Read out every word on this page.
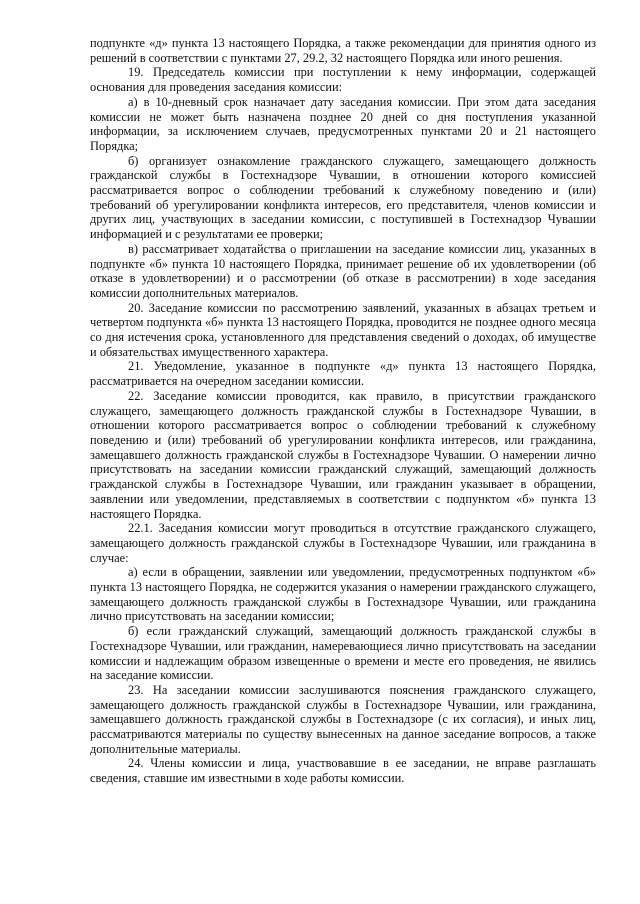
подпункте «д» пункта 13 настоящего Порядка, а также рекомендации для принятия одного из решений в соответствии с пунктами 27, 29.2, 32 настоящего Порядка или иного решения.

19. Председатель комиссии при поступлении к нему информации, содержащей основания для проведения заседания комиссии:

а) в 10-дневный срок назначает дату заседания комиссии. При этом дата заседания комиссии не может быть назначена позднее 20 дней со дня поступления указанной информации, за исключением случаев, предусмотренных пунктами 20 и 21 настоящего Порядка;

б) организует ознакомление гражданского служащего, замещающего должность гражданской службы в Гостехнадзоре Чувашии, в отношении которого комиссией рассматривается вопрос о соблюдении требований к служебному поведению и (или) требований об урегулировании конфликта интересов, его представителя, членов комиссии и других лиц, участвующих в заседании комиссии, с поступившей в Гостехнадзор Чувашии информацией и с результатами ее проверки;

в) рассматривает ходатайства о приглашении на заседание комиссии лиц, указанных в подпункте «б» пункта 10 настоящего Порядка, принимает решение об их удовлетворении (об отказе в удовлетворении) и о рассмотрении (об отказе в рассмотрении) в ходе заседания комиссии дополнительных материалов.

20. Заседание комиссии по рассмотрению заявлений, указанных в абзацах третьем и четвертом подпункта «б» пункта 13 настоящего Порядка, проводится не позднее одного месяца со дня истечения срока, установленного для представления сведений о доходах, об имуществе и обязательствах имущественного характера.

21. Уведомление, указанное в подпункте «д» пункта 13 настоящего Порядка, рассматривается на очередном заседании комиссии.

22. Заседание комиссии проводится, как правило, в присутствии гражданского служащего, замещающего должность гражданской службы в Гостехнадзоре Чувашии, в отношении которого рассматривается вопрос о соблюдении требований к служебному поведению и (или) требований об урегулировании конфликта интересов, или гражданина, замещавшего должность гражданской службы в Гостехнадзоре Чувашии. О намерении лично присутствовать на заседании комиссии гражданский служащий, замещающий должность гражданской службы в Гостехнадзоре Чувашии, или гражданин указывает в обращении, заявлении или уведомлении, представляемых в соответствии с подпунктом «б» пункта 13 настоящего Порядка.

22.1. Заседания комиссии могут проводиться в отсутствие гражданского служащего, замещающего должность гражданской службы в Гостехнадзоре Чувашии, или гражданина в случае:

а) если в обращении, заявлении или уведомлении, предусмотренных подпунктом «б» пункта 13 настоящего Порядка, не содержится указания о намерении гражданского служащего, замещающего должность гражданской службы в Гостехнадзоре Чувашии, или гражданина лично присутствовать на заседании комиссии;

б) если гражданский служащий, замещающий должность гражданской службы в Гостехнадзоре Чувашии, или гражданин, намеревающиеся лично присутствовать на заседании комиссии и надлежащим образом извещенные о времени и месте его проведения, не явились на заседание комиссии.

23. На заседании комиссии заслушиваются пояснения гражданского служащего, замещающего должность гражданской службы в Гостехнадзоре Чувашии, или гражданина, замещавшего должность гражданской службы в Гостехнадзоре (с их согласия), и иных лиц, рассматриваются материалы по существу вынесенных на данное заседание вопросов, а также дополнительные материалы.

24. Члены комиссии и лица, участвовавшие в ее заседании, не вправе разглашать сведения, ставшие им известными в ходе работы комиссии.
